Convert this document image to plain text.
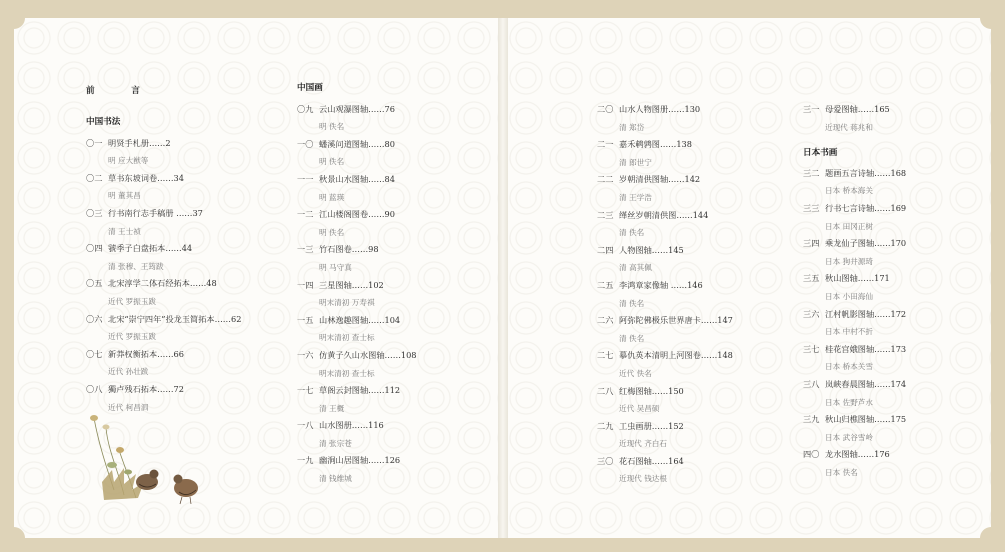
前　言
中国书法
〇一 明贤手札册……2
明 应大猷等
〇二 草书东坡词卷……34
明 董其昌
〇三 行书南行志手稿册 ……37
清 王士祯
〇四 虢季子白盘拓本……44
清 张穆、王筠跋
〇五 北宋淳学二体石经拓本……48
近代 罗振玉跋
〇六 北宋“崇宁四年”投龙玉简拓本……62
近代 罗振玉跋
〇七 新莽权衡拓本……66
近代 孙壮跋
〇八 獨卢残石拓本……72
近代 柯昌泗
中国画
〇九 云山观瀑图轴……76
明 佚名
一〇 蟠溪问道图轴……80
明 佚名
一一 秋景山水图轴……84
明 蓝瑛
一二 江山楼阁图卷……90
明 佚名
一三 竹石图卷……98
明 马守真
一四 三星图轴……102
明末清初 万寿祺
一五 山林逸趣图轴……104
明末清初 查士标
一六 仿黄子久山水图轴……108
明末清初 查士标
一七 草阁云封图轴……112
清 王概
一八 山水图册……116
清 张宗苍
一九 幽涧山居图轴……126
清 钱维城
二〇 山水人物图册……130
清 郑岱
二一 嘉禾鹌鹑图……138
清 郎世宁
二二 岁朝清供图轴……142
清 王学浩
二三 缂丝岁朝清供图……144
清 佚名
二四 人物图轴……145
清 高其佩
二五 李鸿章家像轴 ……146
清 佚名
二六 阿弥陀佛极乐世界唐卡……147
清 佚名
二七 摹仇英本清明上河图卷……148
近代 佚名
二八 红梅图轴……150
近代 吴昌硕
二九 工虫画册……152
近现代 齐白石
三〇 花石图轴……164
近现代 钱达根
三一 母爱图轴……165
近现代 蒋兆和
日本书画
三二 题画五言诗轴……168
日本 桥本海关
三三 行书七言诗轴……169
日本 田冈正树
三四 乘龙仙子图轴……170
日本 狗井源琦
三五 秋山图轴……171
日本 小田海仙
三六 江村帆影图轴……172
日本 中村不折
三七 桂花宫娥图轴……173
日本 桥本关雪
三八 岚峡春晨图轴……174
日本 佐野芦水
三九 秋山归樵图轴……175
日本 武谷雪岭
四〇 龙水图轴……176
日本 佚名
